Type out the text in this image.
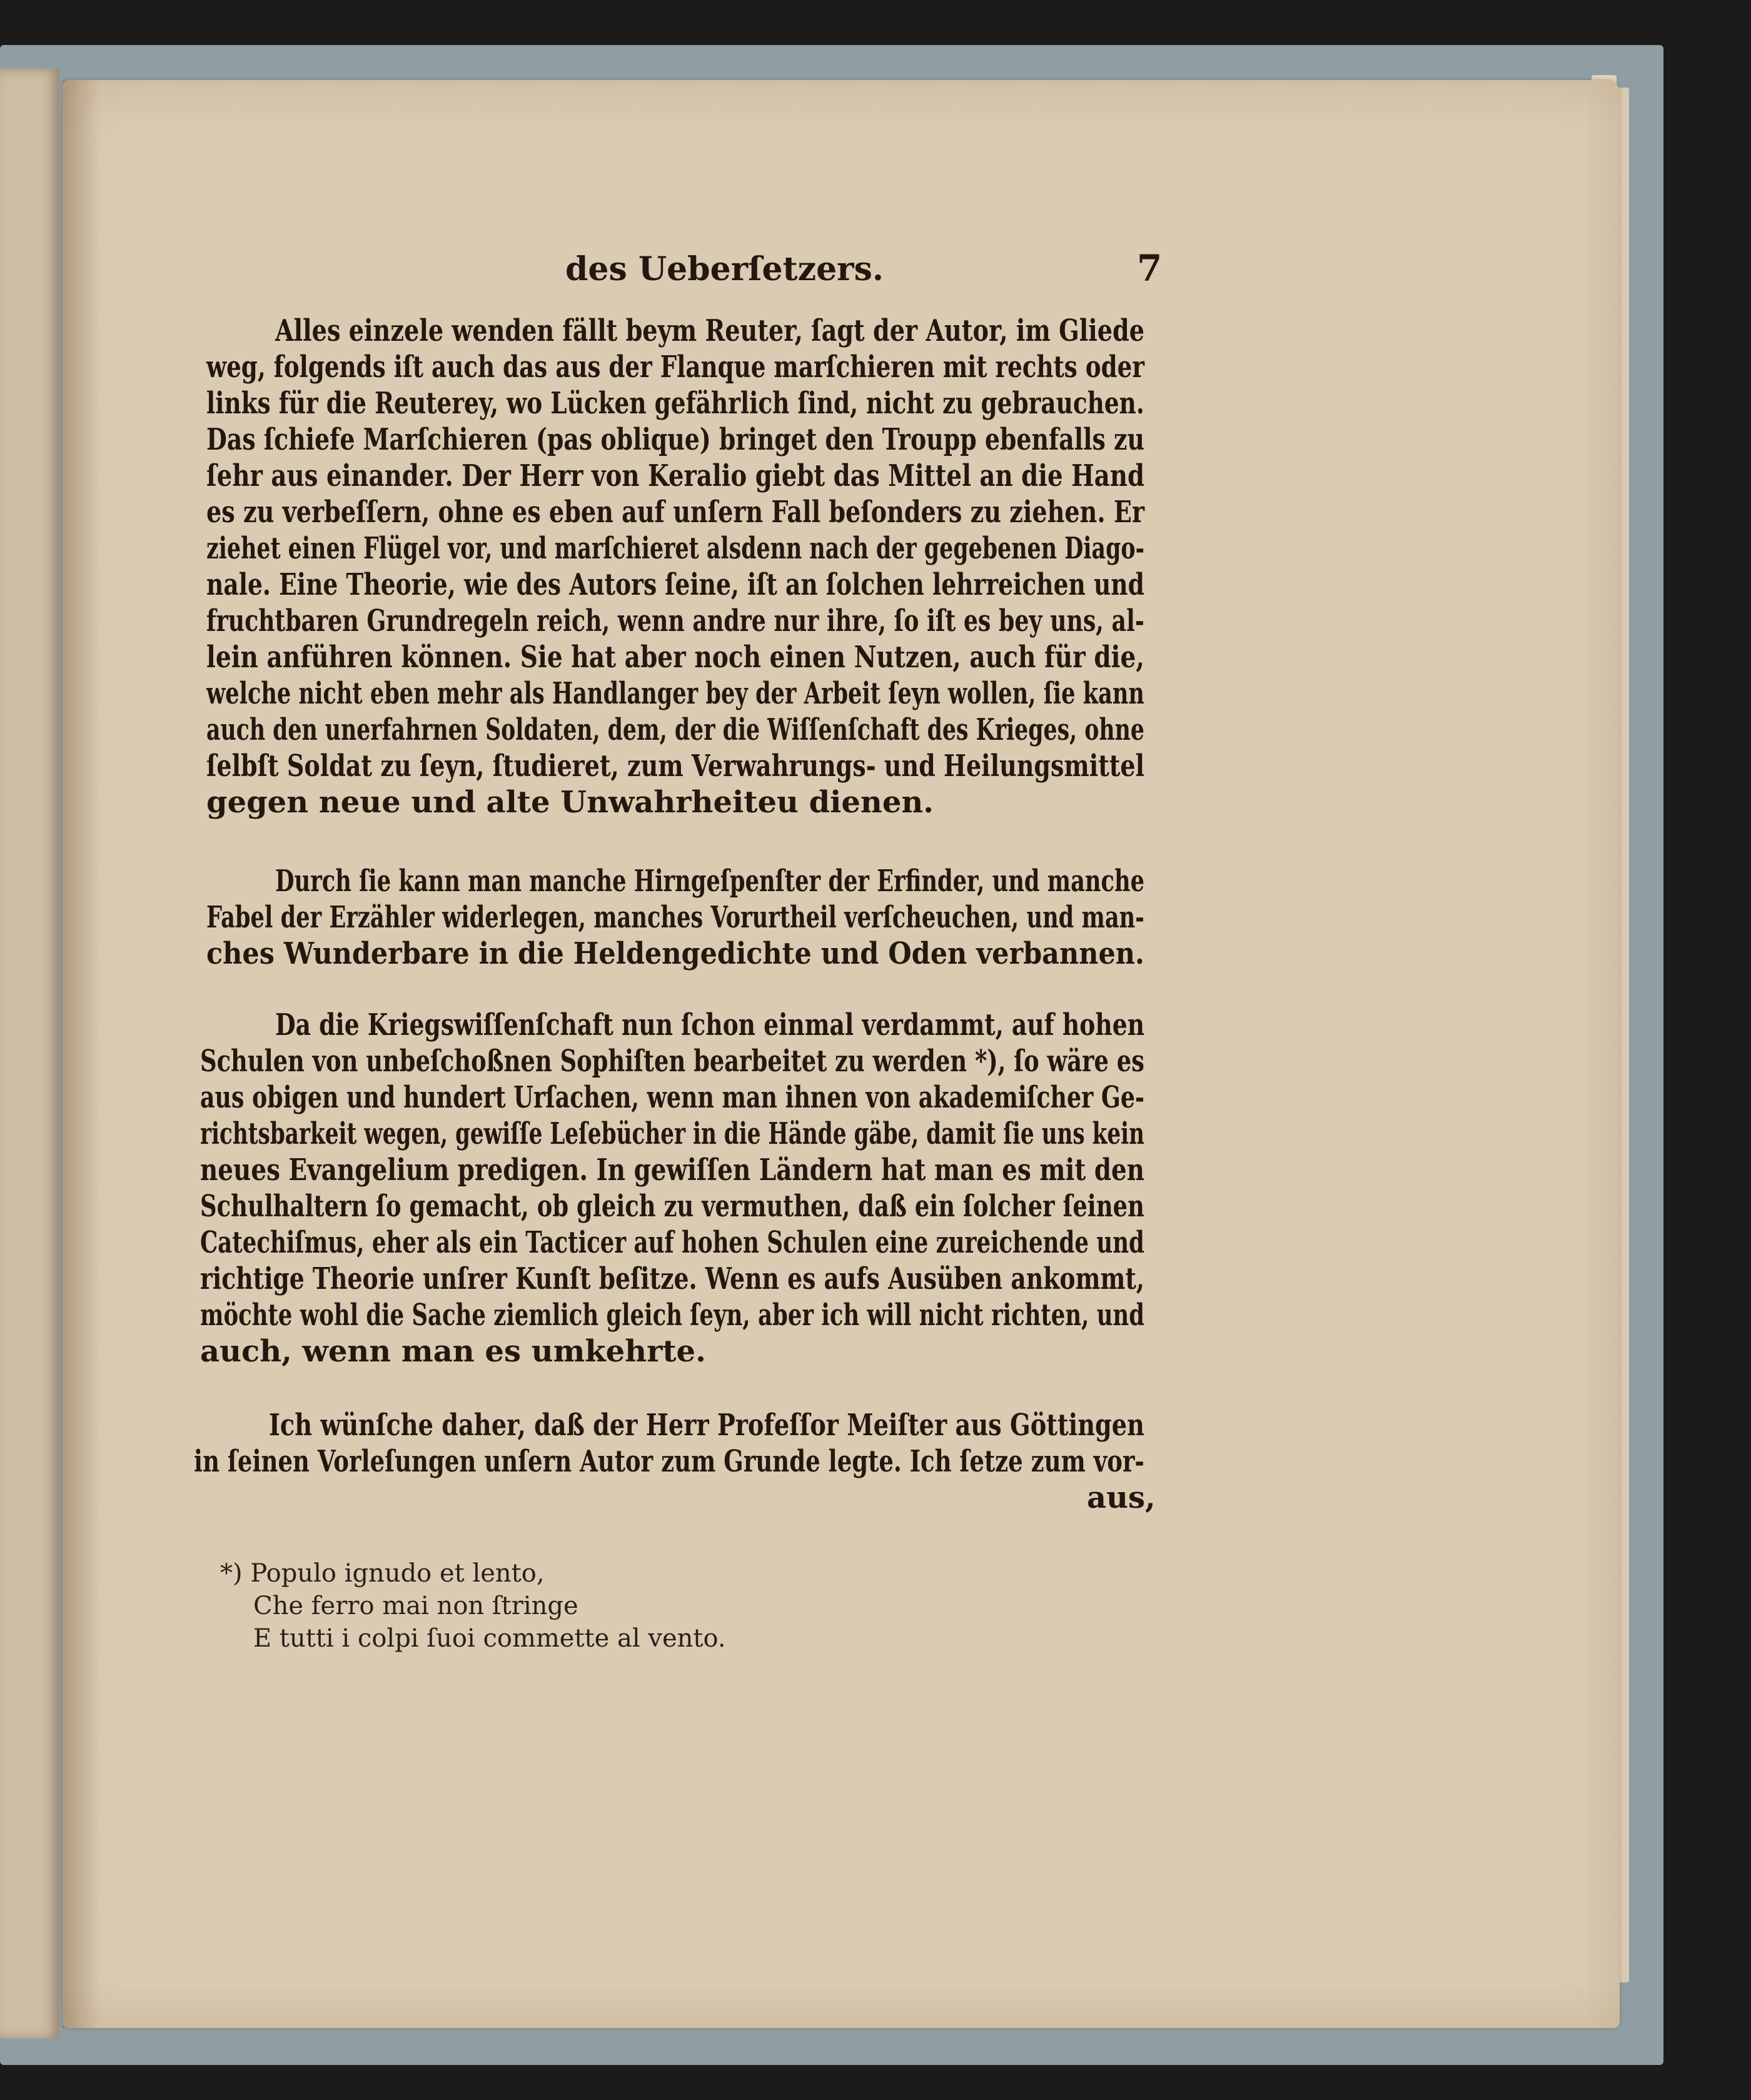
des Ueberſetzers.	7
Alles einzele wenden fällt beym Reuter, ſagt der Autor, im Gliede
weg, folgends iſt auch das aus der Flanque marſchieren mit rechts oder
links für die Reuterey, wo Lücken gefährlich ſind, nicht zu gebrauchen.
Das ſchiefe Marſchieren (pas oblique) bringet den Troupp ebenfalls zu
ſehr aus einander. Der Herr von Keralio giebt das Mittel an die Hand
es zu verbeſſern, ohne es eben auf unſern Fall beſonders zu ziehen. Er
ziehet einen Flügel vor, und marſchieret alsdenn nach der gegebenen Diago-
nale. Eine Theorie, wie des Autors ſeine, iſt an ſolchen lehrreichen und
fruchtbaren Grundregeln reich, wenn andre nur ihre, ſo iſt es bey uns, al-
lein anführen können. Sie hat aber noch einen Nutzen, auch für die,
welche nicht eben mehr als Handlanger bey der Arbeit ſeyn wollen, ſie kann
auch den unerfahrnen Soldaten, dem, der die Wiſſenſchaft des Krieges, ohne
ſelbſt Soldat zu ſeyn, ſtudieret, zum Verwahrungs- und Heilungsmittel
gegen neue und alte Unwahrheiteu dienen.
Durch ſie kann man manche Hirngeſpenſter der Erfinder, und manche
Fabel der Erzähler widerlegen, manches Vorurtheil verſcheuchen, und man-
ches Wunderbare in die Heldengedichte und Oden verbannen.
Da die Kriegswiſſenſchaft nun ſchon einmal verdammt, auf hohen
Schulen von unbeſchoßnen Sophiſten bearbeitet zu werden *), ſo wäre es
aus obigen und hundert Urſachen, wenn man ihnen von akademiſcher Ge-
richtsbarkeit wegen, gewiſſe Leſebücher in die Hände gäbe, damit ſie uns kein
neues Evangelium predigen. In gewiſſen Ländern hat man es mit den
Schulhaltern ſo gemacht, ob gleich zu vermuthen, daß ein ſolcher ſeinen
Catechiſmus, eher als ein Tacticer auf hohen Schulen eine zureichende und
richtige Theorie unſrer Kunſt beſitze. Wenn es aufs Ausüben ankommt,
möchte wohl die Sache ziemlich gleich ſeyn, aber ich will nicht richten, und
auch, wenn man es umkehrte.
Ich wünſche daher, daß der Herr Profeſſor Meiſter aus Göttingen
in ſeinen Vorleſungen unſern Autor zum Grunde legte. Ich ſetze zum vor-
aus,
*) Populo ignudo et lento,
Che ferro mai non ſtringe
E tutti i colpi ſuoi commette al vento.
